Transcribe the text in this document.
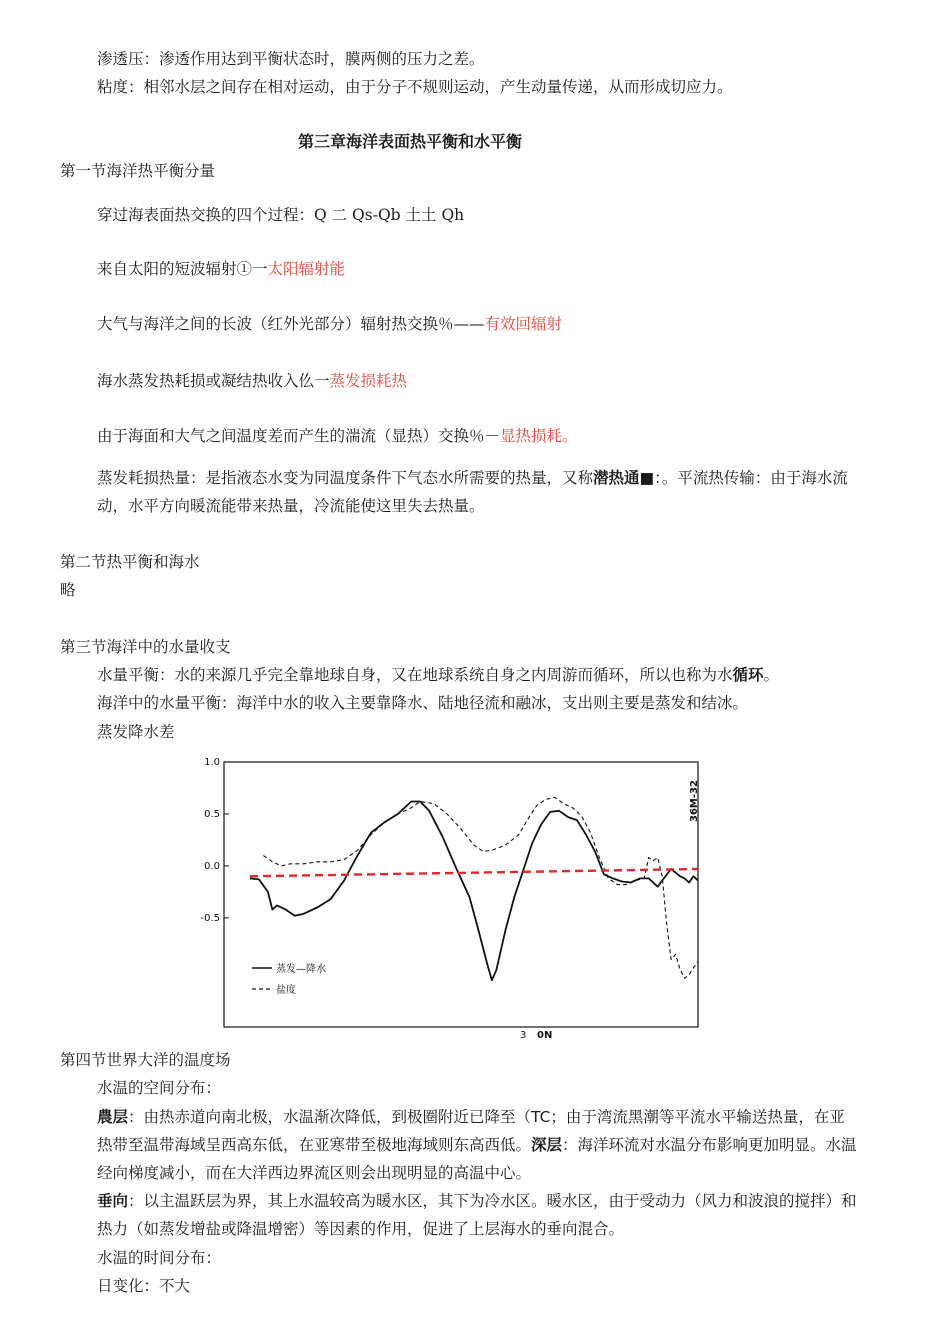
渗透压：渗透作用达到平衡状态时，膜两侧的压力之差。
粘度：相邻水层之间存在相对运动，由于分子不规则运动，产生动量传递，从而形成切应力。
第三章海洋表面热平衡和水平衡
第一节海洋热平衡分量
穿过海表面热交换的四个过程：Q 二 Qs-Qb 土土 Qh
来自太阳的短波辐射①一太阳辐射能
大气与海洋之间的长波（红外光部分）辐射热交换％——有效回辐射
海水蒸发热耗损或凝结热收入仫一蒸发损耗热
由于海面和大气之间温度差而产生的湍流（显热）交换％－显热损耗。
蒸发耗损热量：是指液态水变为同温度条件下气态水所需要的热量，又称潜热通■：。平流热传输：由于海水流
动，水平方向暖流能带来热量，冷流能使这里失去热量。
第二节热平衡和海水
略
第三节海洋中的水量收支
水量平衡：水的来源几乎完全靠地球自身，又在地球系统自身之内周游而循环，所以也称为水循环。
海洋中的水量平衡：海洋中水的收入主要靠降水、陆地径流和融冰，支出则主要是蒸发和结冰。
蒸发降水差
1.0
0.5
0.0
-0.5
36M-32
蒸发—降水
盐度
3 0N
第四节世界大洋的温度场
水温的空间分布：
農层：由热赤道向南北极，水温渐次降低，到极圈附近已降至（TC；由于湾流黑潮等平流水平输送热量，在亚
热带至温带海域呈西高东低，在亚寒带至极地海域则东高西低。深层：海洋环流对水温分布影响更加明显。水温
经向梯度减小，而在大洋西边界流区则会出现明显的高温中心。
垂向：以主温跃层为界，其上水温较高为暖水区，其下为冷水区。暖水区，由于受动力（风力和波浪的搅拌）和
热力（如蒸发增盐或降温增密）等因素的作用，促进了上层海水的垂向混合。
水温的时间分布：
日变化：不大
